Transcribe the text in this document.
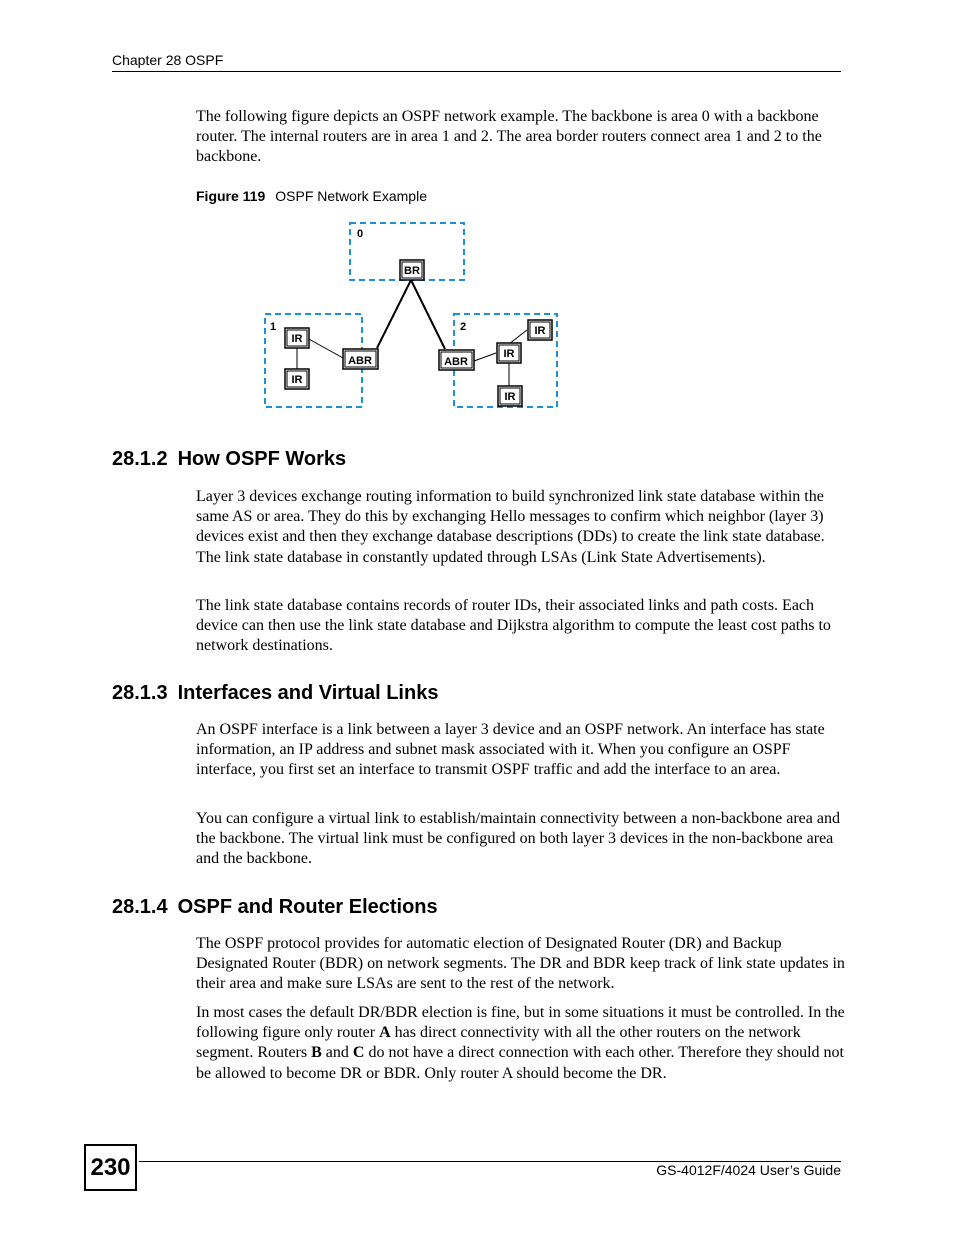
Chapter 28 OSPF

The following figure depicts an OSPF network example. The backbone is area 0 with a backbone router. The internal routers are in area 1 and 2. The area border routers connect area 1 and 2 to the backbone.

Figure 119 OSPF Network Example
0
1	2
BR
ABR	ABR
IR
IR
IR
IR
IR
28.1.2 How OSPF Works

Layer 3 devices exchange routing information to build synchronized link state database within the same AS or area. They do this by exchanging Hello messages to confirm which neighbor (layer 3) devices exist and then they exchange database descriptions (DDs) to create the link state database. The link state database in constantly updated through LSAs (Link State Advertisements).

The link state database contains records of router IDs, their associated links and path costs. Each device can then use the link state database and Dijkstra algorithm to compute the least cost paths to network destinations.

28.1.3 Interfaces and Virtual Links

An OSPF interface is a link between a layer 3 device and an OSPF network. An interface has state information, an IP address and subnet mask associated with it. When you configure an OSPF interface, you first set an interface to transmit OSPF traffic and add the interface to an area.

You can configure a virtual link to establish/maintain connectivity between a non-backbone area and the backbone. The virtual link must be configured on both layer 3 devices in the non-backbone area and the backbone.

28.1.4 OSPF and Router Elections

The OSPF protocol provides for automatic election of Designated Router (DR) and Backup Designated Router (BDR) on network segments. The DR and BDR keep track of link state updates in their area and make sure LSAs are sent to the rest of the network.

In most cases the default DR/BDR election is fine, but in some situations it must be controlled. In the following figure only router A has direct connectivity with all the other routers on the network segment. Routers B and C do not have a direct connection with each other. Therefore they should not be allowed to become DR or BDR. Only router A should become the DR.

230	GS-4012F/4024 User’s Guide
